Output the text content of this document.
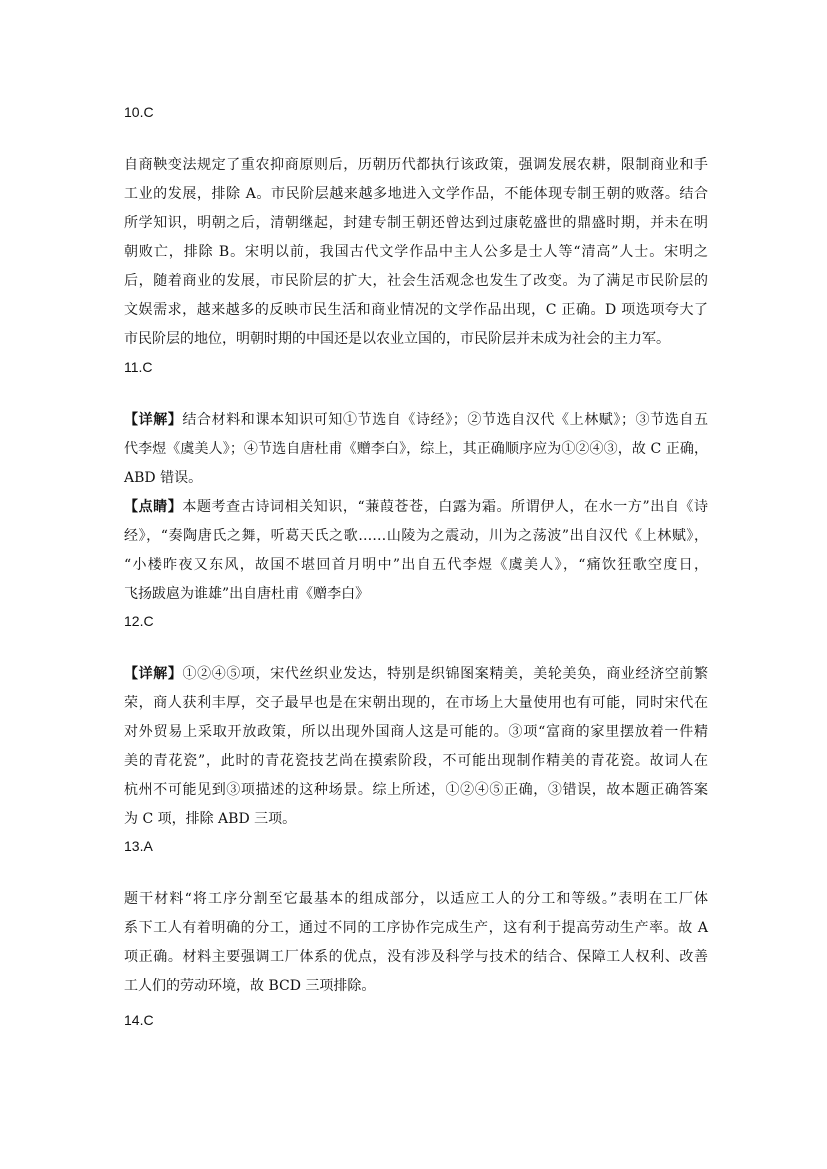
10.C
自商鞅变法规定了重农抑商原则后，历朝历代都执行该政策，强调发展农耕，限制商业和手
工业的发展，排除 A。市民阶层越来越多地进入文学作品，不能体现专制王朝的败落。结合
所学知识，明朝之后，清朝继起，封建专制王朝还曾达到过康乾盛世的鼎盛时期，并未在明
朝败亡，排除 B。宋明以前，我国古代文学作品中主人公多是士人等“清高”人士。宋明之
后，随着商业的发展，市民阶层的扩大，社会生活观念也发生了改变。为了满足市民阶层的
文娱需求，越来越多的反映市民生活和商业情况的文学作品出现，C 正确。D 项选项夸大了
市民阶层的地位，明朝时期的中国还是以农业立国的，市民阶层并未成为社会的主力军。
11.C
【详解】结合材料和课本知识可知①节选自《诗经》；②节选自汉代《上林赋》；③节选自五
代李煜《虞美人》；④节选自唐杜甫《赠李白》，综上，其正确顺序应为①②④③，故 C 正确，
ABD 错误。
【点睛】本题考查古诗词相关知识，“蒹葭苍苍，白露为霜。所谓伊人，在水一方”出自《诗
经》，“奏陶唐氏之舞，听葛天氏之歌……山陵为之震动，川为之荡波”出自汉代《上林赋》，
“小楼昨夜又东风，故国不堪回首月明中”出自五代李煜《虞美人》，“痛饮狂歌空度日，
飞扬跋扈为谁雄”出自唐杜甫《赠李白》
12.C
【详解】①②④⑤项，宋代丝织业发达，特别是织锦图案精美，美轮美奂，商业经济空前繁
荣，商人获利丰厚，交子最早也是在宋朝出现的，在市场上大量使用也有可能，同时宋代在
对外贸易上采取开放政策，所以出现外国商人这是可能的。③项“富商的家里摆放着一件精
美的青花瓷”，此时的青花瓷技艺尚在摸索阶段，不可能出现制作精美的青花瓷。故词人在
杭州不可能见到③项描述的这种场景。综上所述，①②④⑤正确，③错误，故本题正确答案
为 C 项，排除 ABD 三项。
13.A
题干材料“将工序分割至它最基本的组成部分，以适应工人的分工和等级。”表明在工厂体
系下工人有着明确的分工，通过不同的工序协作完成生产，这有利于提高劳动生产率。故 A
项正确。材料主要强调工厂体系的优点，没有涉及科学与技术的结合、保障工人权利、改善
工人们的劳动环境，故 BCD 三项排除。
14.C
